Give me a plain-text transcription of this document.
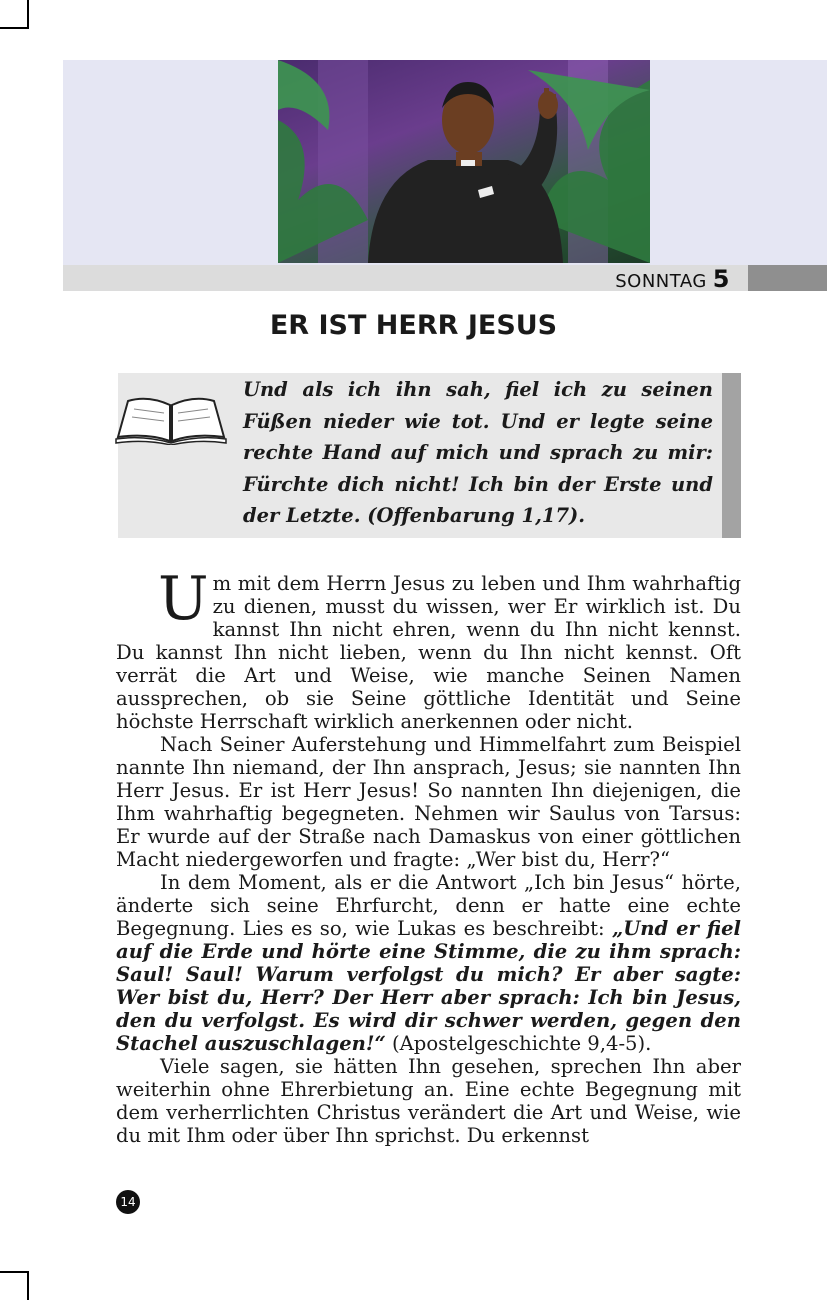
SONNTAG 5
ER IST HERR JESUS
Und als ich ihn sah, fiel ich zu seinen Füßen nieder wie tot. Und er legte seine rechte Hand auf mich und sprach zu mir: Fürchte dich nicht! Ich bin der Erste und der Letzte. (Offenbarung 1,17).

Um mit dem Herrn Jesus zu leben und Ihm wahrhaftig zu dienen, musst du wissen, wer Er wirklich ist. Du kannst Ihn nicht ehren, wenn du Ihn nicht kennst. Du kannst Ihn nicht lieben, wenn du Ihn nicht kennst. Oft verrät die Art und Weise, wie manche Seinen Namen aussprechen, ob sie Seine göttliche Identität und Seine höchste Herrschaft wirklich anerkennen oder nicht.

Nach Seiner Auferstehung und Himmelfahrt zum Beispiel nannte Ihn niemand, der Ihn ansprach, Jesus; sie nannten Ihn Herr Jesus. Er ist Herr Jesus! So nannten Ihn diejenigen, die Ihm wahrhaftig begegneten. Nehmen wir Saulus von Tarsus: Er wurde auf der Straße nach Damaskus von einer göttlichen Macht niedergeworfen und fragte: „Wer bist du, Herr?“

In dem Moment, als er die Antwort „Ich bin Jesus“ hörte, änderte sich seine Ehrfurcht, denn er hatte eine echte Begegnung. Lies es so, wie Lukas es beschreibt: „Und er fiel auf die Erde und hörte eine Stimme, die zu ihm sprach: Saul! Saul! Warum verfolgst du mich? Er aber sagte: Wer bist du, Herr? Der Herr aber sprach: Ich bin Jesus, den du verfolgst. Es wird dir schwer werden, gegen den Stachel auszuschlagen!“ (Apostelgeschichte 9,4-5).

Viele sagen, sie hätten Ihn gesehen, sprechen Ihn aber weiterhin ohne Ehrerbietung an. Eine echte Begegnung mit dem verherrlichten Christus verändert die Art und Weise, wie du mit Ihm oder über Ihn sprichst. Du erkennst

14
